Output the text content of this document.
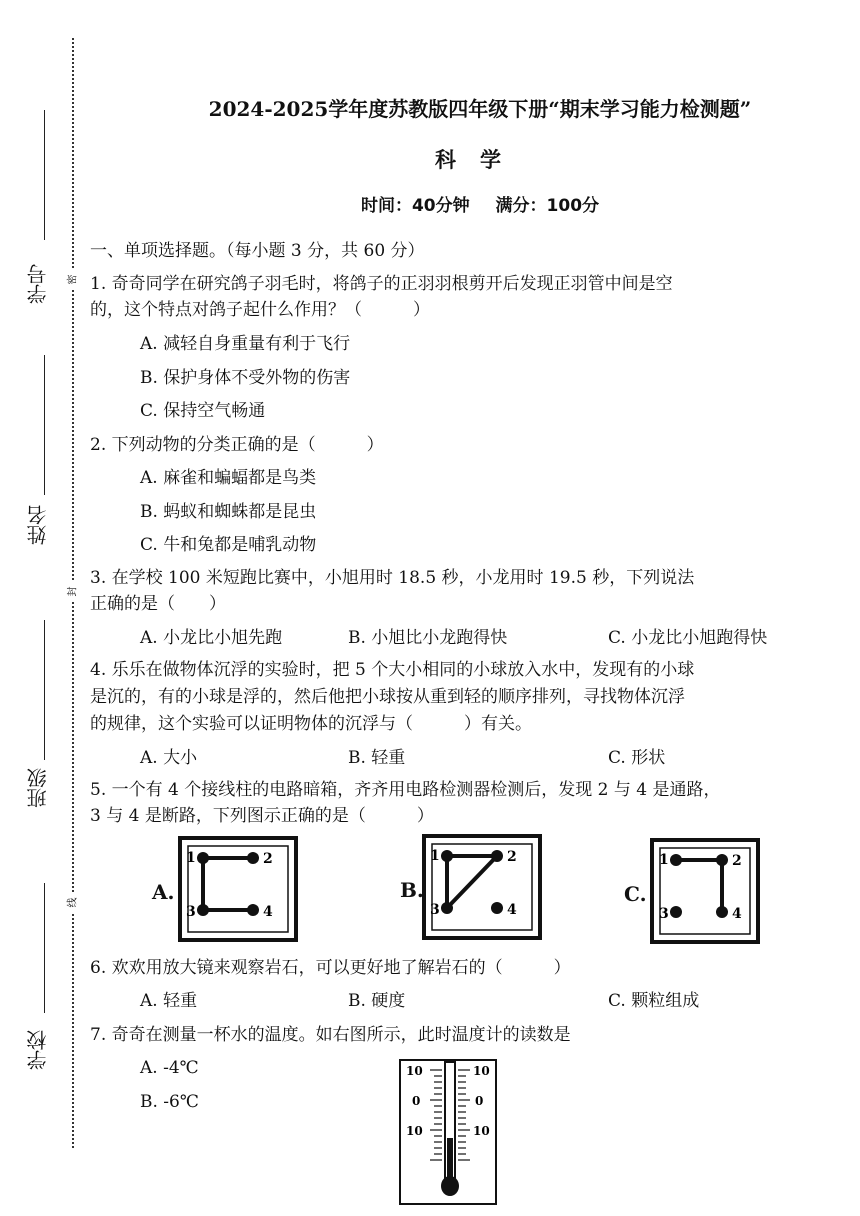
学号
姓名
班级
学校
密
封
线
2024-2025学年度苏教版四年级下册“期末学习能力检测题”
科学
时间：40分钟 满分：100分
一、单项选择题。（每小题 3 分，共 60 分）
1. 奇奇同学在研究鸽子羽毛时，将鸽子的正羽羽根剪开后发现正羽管中间是空
的，这个特点对鸽子起什么作用？（　　　）
A. 减轻自身重量有利于飞行
B. 保护身体不受外物的伤害
C. 保持空气畅通
2. 下列动物的分类正确的是（　　　）
A. 麻雀和蝙蝠都是鸟类
B. 蚂蚁和蜘蛛都是昆虫
C. 牛和兔都是哺乳动物
3. 在学校 100 米短跑比赛中，小旭用时 18.5 秒，小龙用时 19.5 秒，下列说法
正确的是（　　）
A. 小龙比小旭先跑	B. 小旭比小龙跑得快	C. 小龙比小旭跑得快
4. 乐乐在做物体沉浮的实验时，把 5 个大小相同的小球放入水中，发现有的小球
是沉的，有的小球是浮的，然后他把小球按从重到轻的顺序排列，寻找物体沉浮
的规律，这个实验可以证明物体的沉浮与（　　　）有关。
A. 大小	B. 轻重	C. 形状
5. 一个有 4 个接线柱的电路暗箱，齐齐用电路检测器检测后，发现 2 与 4 是通路，
3 与 4 是断路，下列图示正确的是（　　　）
A.
1	2
3	4
B.
1	2
3	4
C.
1	2
3	4
6. 欢欢用放大镜来观察岩石，可以更好地了解岩石的（　　　）
A. 轻重	B. 硬度	C. 颗粒组成
7. 奇奇在测量一杯水的温度。如右图所示，此时温度计的读数是
A. -4℃
B. -6℃
10
0
10
10
0
10
